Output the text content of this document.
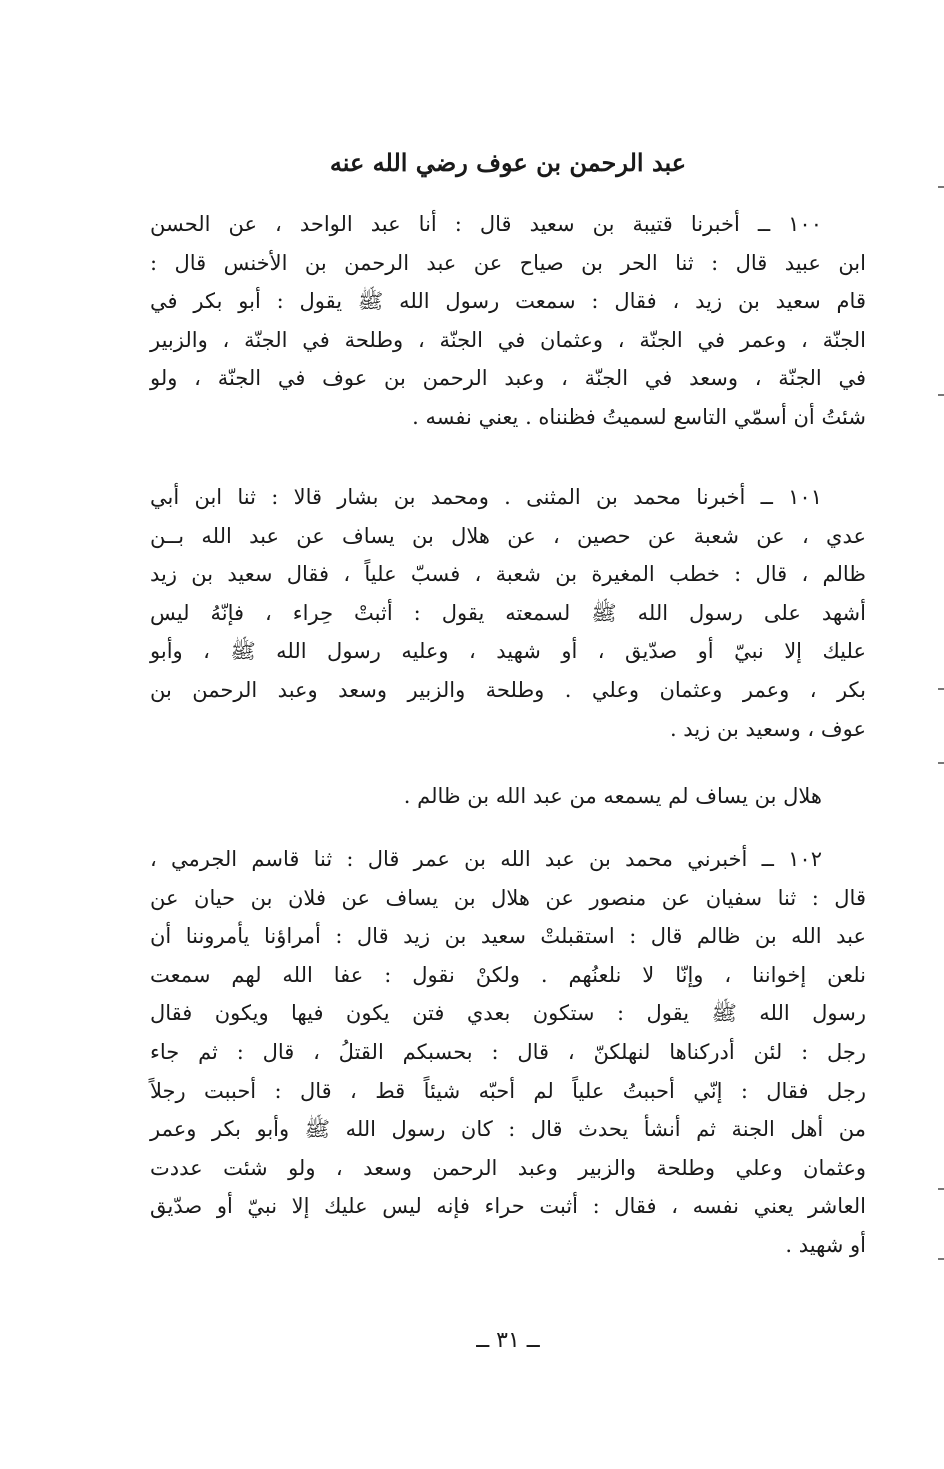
عبد الرحمن بن عوف رضي الله عنه
١٠٠ ــ أخبرنا قتيبة بن سعيد قال : أنا عبد الواحد ، عن الحسن
ابن عبيد قال : ثنا الحر بن صياح عن عبد الرحمن بن الأخنس قال :
قام سعيد بن زيد ، فقال : سمعت رسول الله ﷺ يقول : أبو بكر في
الجنّة ، وعمر في الجنّة ، وعثمان في الجنّة ، وطلحة في الجنّة ، والزبير
في الجنّة ، وسعد في الجنّة ، وعبد الرحمن بن عوف في الجنّة ، ولو
شئتُ أن أسمّي التاسع لسميتُ فظنناه . يعني نفسه .
١٠١ ــ أخبرنا محمد بن المثنى . ومحمد بن بشار قالا : ثنا ابن أبي
عدي ، عن شعبة عن حصين ، عن هلال بن يساف عن عبد الله بــن
ظالم ، قال : خطب المغيرة بن شعبة ، فسبّ علياً ، فقال سعيد بن زيد
أشهد على رسول الله ﷺ لسمعته يقول : أثبتْ حِراء ، فإنّهُ ليس
عليك إلا نبيّ أو صدّيق ، أو شهيد ، وعليه رسول الله ﷺ ، وأبو
بكر ، وعمر وعثمان وعلي . وطلحة والزبير وسعد وعبد الرحمن بن
عوف ، وسعيد بن زيد .

هلال بن يساف لم يسمعه من عبد الله بن ظالم .

١٠٢ ــ أخبرني محمد بن عبد الله بن عمر قال : ثنا قاسم الجرمي ،
قال : ثنا سفيان عن منصور عن هلال بن يساف عن فلان بن حيان عن
عبد الله بن ظالم قال : استقبلتْ سعيد بن زيد قال : أمراؤنا يأمروننا أن
نلعن إخواننا ، وإنّا لا نلعنُهم . ولكنْ نقول : عفا الله لهم سمعت
رسول الله ﷺ يقول : ستكون بعدي فتن يكون فيها ويكون فقال
رجل : لئن أدركناها لنهلكنّ ، قال : بحسبكم القتلُ ، قال : ثم جاء
رجل فقال : إنّي أحببتُ علياً لم أحبّه شيئاً قط ، قال : أحببت رجلاً
من أهل الجنة ثم أنشأ يحدث قال : كان رسول الله ﷺ وأبو بكر وعمر
وعثمان وعلي وطلحة والزبير وعبد الرحمن وسعد ، ولو شئت عددت
العاشر يعني نفسه ، فقال : أثبت حراء فإنه ليس عليك إلا نبيّ أو صدّيق
أو شهيد .
ــ ٣١ ــ
